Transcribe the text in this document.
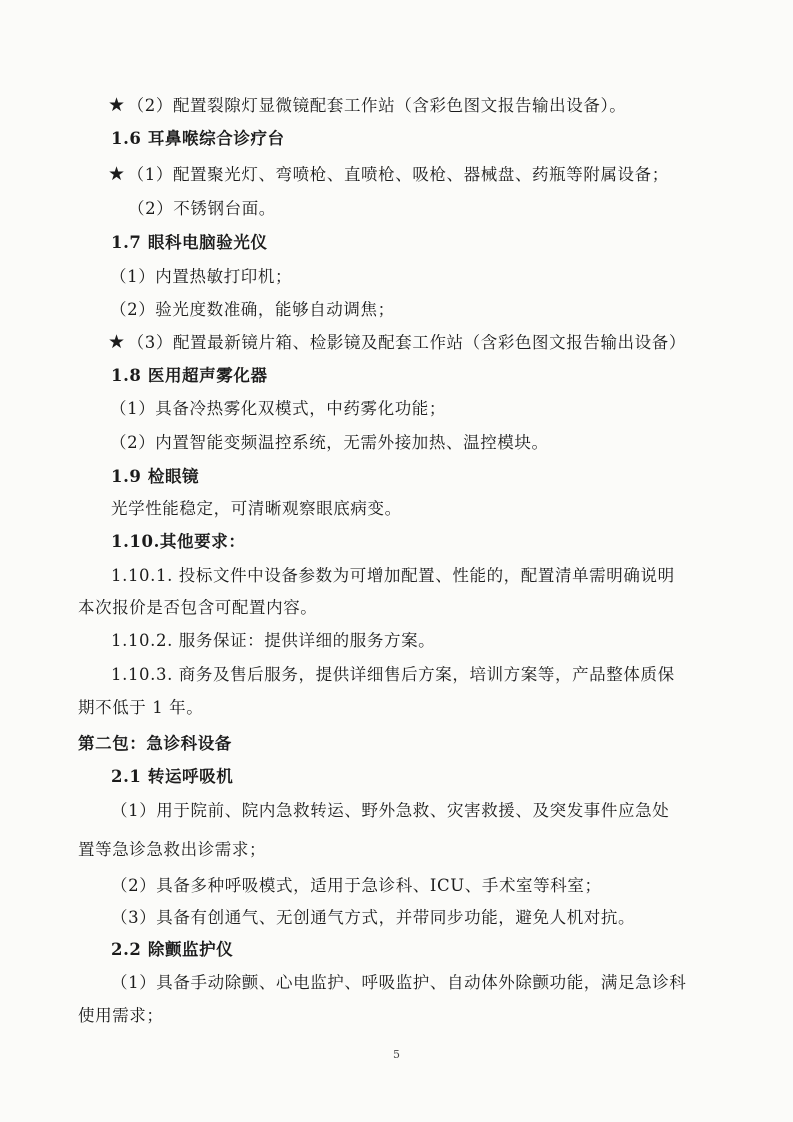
★ （2）配置裂隙灯显微镜配套工作站（含彩色图文报告输出设备）。
1.6 耳鼻喉综合诊疗台
★ （1）配置聚光灯、弯喷枪、直喷枪、吸枪、器械盘、药瓶等附属设备；
（2）不锈钢台面。
1.7 眼科电脑验光仪
（1）内置热敏打印机；
（2）验光度数准确，能够自动调焦；
★ （3）配置最新镜片箱、检影镜及配套工作站（含彩色图文报告输出设备）
1.8 医用超声雾化器
（1）具备冷热雾化双模式，中药雾化功能；
（2）内置智能变频温控系统，无需外接加热、温控模块。
1.9 检眼镜
光学性能稳定，可清晰观察眼底病变。
1.10.其他要求：
1.10.1. 投标文件中设备参数为可增加配置、性能的，配置清单需明确说明
本次报价是否包含可配置内容。
1.10.2. 服务保证：提供详细的服务方案。
1.10.3. 商务及售后服务，提供详细售后方案，培训方案等，产品整体质保
期不低于 1 年。
第二包：急诊科设备
2.1 转运呼吸机
（1）用于院前、院内急救转运、野外急救、灾害救援、及突发事件应急处
置等急诊急救出诊需求；
（2）具备多种呼吸模式，适用于急诊科、ICU、手术室等科室；
（3）具备有创通气、无创通气方式，并带同步功能，避免人机对抗。
2.2 除颤监护仪
（1）具备手动除颤、心电监护、呼吸监护、自动体外除颤功能，满足急诊科
使用需求；
5
